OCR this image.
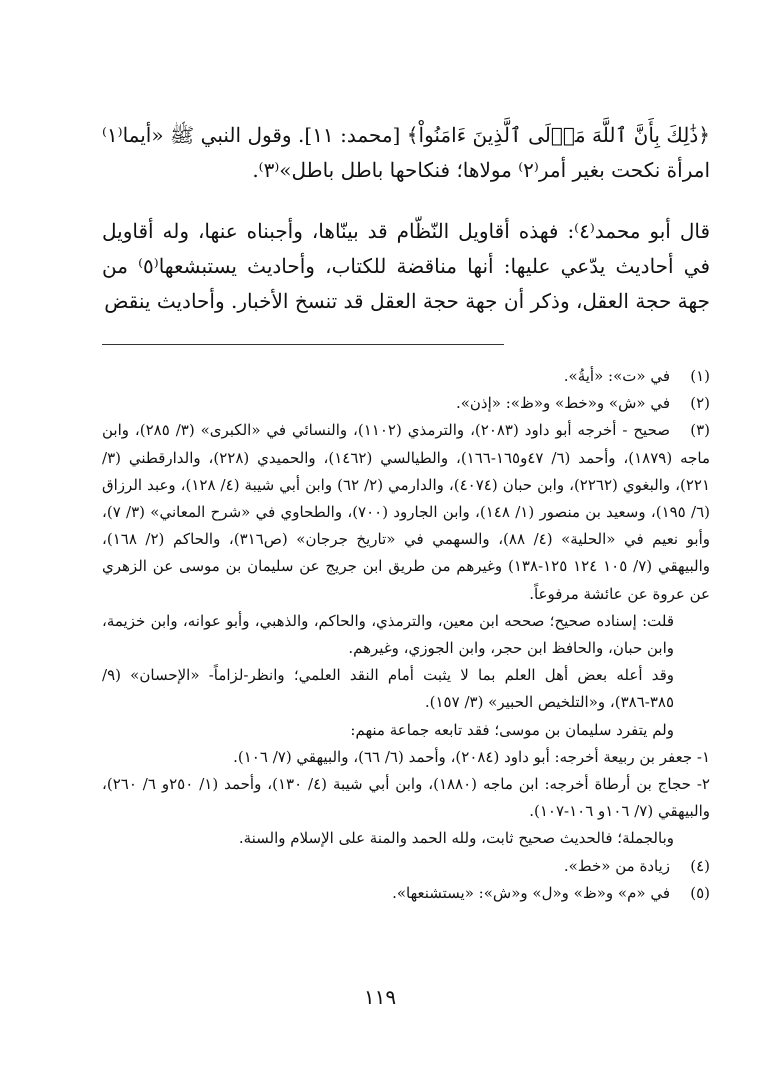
﴿ذَٰلِكَ بِأَنَّ ٱللَّهَ مَوۡلَى ٱلَّذِينَ ءَامَنُواْ﴾ [محمد: ١١]. وقول النبي ﷺ «أيما⁽١⁾ امرأة نكحت بغير أمر⁽٢⁾ مولاها؛ فنكاحها باطل باطل»⁽٣⁾.

قال أبو محمد⁽٤⁾: فهذه أقاويل النّظّام قد بينّاها، وأجبناه عنها، وله أقاويل في أحاديث يدّعي عليها: أنها مناقضة للكتاب، وأحاديث يستبشعها⁽٥⁾ من جهة حجة العقل، وذكر أن جهة حجة العقل قد تنسخ الأخبار. وأحاديث ينقض

(١)في «ت»: «أيةُ».

(٢)في «ش» و«خط» و«ظ»: «إذن».

(٣)صحيح - أخرجه أبو داود (٢٠٨٣)، والترمذي (١١٠٢)، والنسائي في «الكبرى» (٣/ ٢٨٥)، وابن ماجه (١٨٧٩)، وأحمد (٦/ ٤٧و١٦٥-١٦٦)، والطيالسي (١٤٦٢)، والحميدي (٢٢٨)، والدارقطني (٣/ ٢٢١)، والبغوي (٢٢٦٢)، وابن حبان (٤٠٧٤)، والدارمي (٢/ ٦٢) وابن أبي شيبة (٤/ ١٢٨)، وعبد الرزاق (٦/ ١٩٥)، وسعيد بن منصور (١/ ١٤٨)، وابن الجارود (٧٠٠)، والطحاوي في «شرح المعاني» (٣/ ٧)، وأبو نعيم في «الحلية» (٤/ ٨٨)، والسهمي في «تاريخ جرجان» (ص٣١٦)، والحاكم (٢/ ١٦٨)، والبيهقي (٧/ ١٠٥ ١٢٤ ١٢٥-١٣٨) وغيرهم من طريق ابن جريج عن سليمان بن موسى عن الزهري عن عروة عن عائشة مرفوعاً.

قلت: إسناده صحيح؛ صححه ابن معين، والترمذي، والحاكم، والذهبي، وأبو عوانه، وابن خزيمة، وابن حبان، والحافظ ابن حجر، وابن الجوزي، وغيرهم.

وقد أعله بعض أهل العلم بما لا يثبت أمام النقد العلمي؛ وانظر-لزاماً- «الإحسان» (٩/ ٣٨٥-٣٨٦)، و«التلخيص الحبير» (٣/ ١٥٧).

ولم يتفرد سليمان بن موسى؛ فقد تابعه جماعة منهم:

١- جعفر بن ربيعة أخرجه: أبو داود (٢٠٨٤)، وأحمد (٦/ ٦٦)، والبيهقي (٧/ ١٠٦).

٢- حجاج بن أرطاة أخرجه: ابن ماجه (١٨٨٠)، وابن أبي شيبة (٤/ ١٣٠)، وأحمد (١/ ٢٥٠و ٦/ ٢٦٠)، والبيهقي (٧/ ١٠٦و ١٠٦-١٠٧).

وبالجملة؛ فالحديث صحيح ثابت، ولله الحمد والمنة على الإسلام والسنة.

(٤)زيادة من «خط».

(٥)في «م» و«ظ» و«ل» و«ش»: «يستشنعها».

١١٩
